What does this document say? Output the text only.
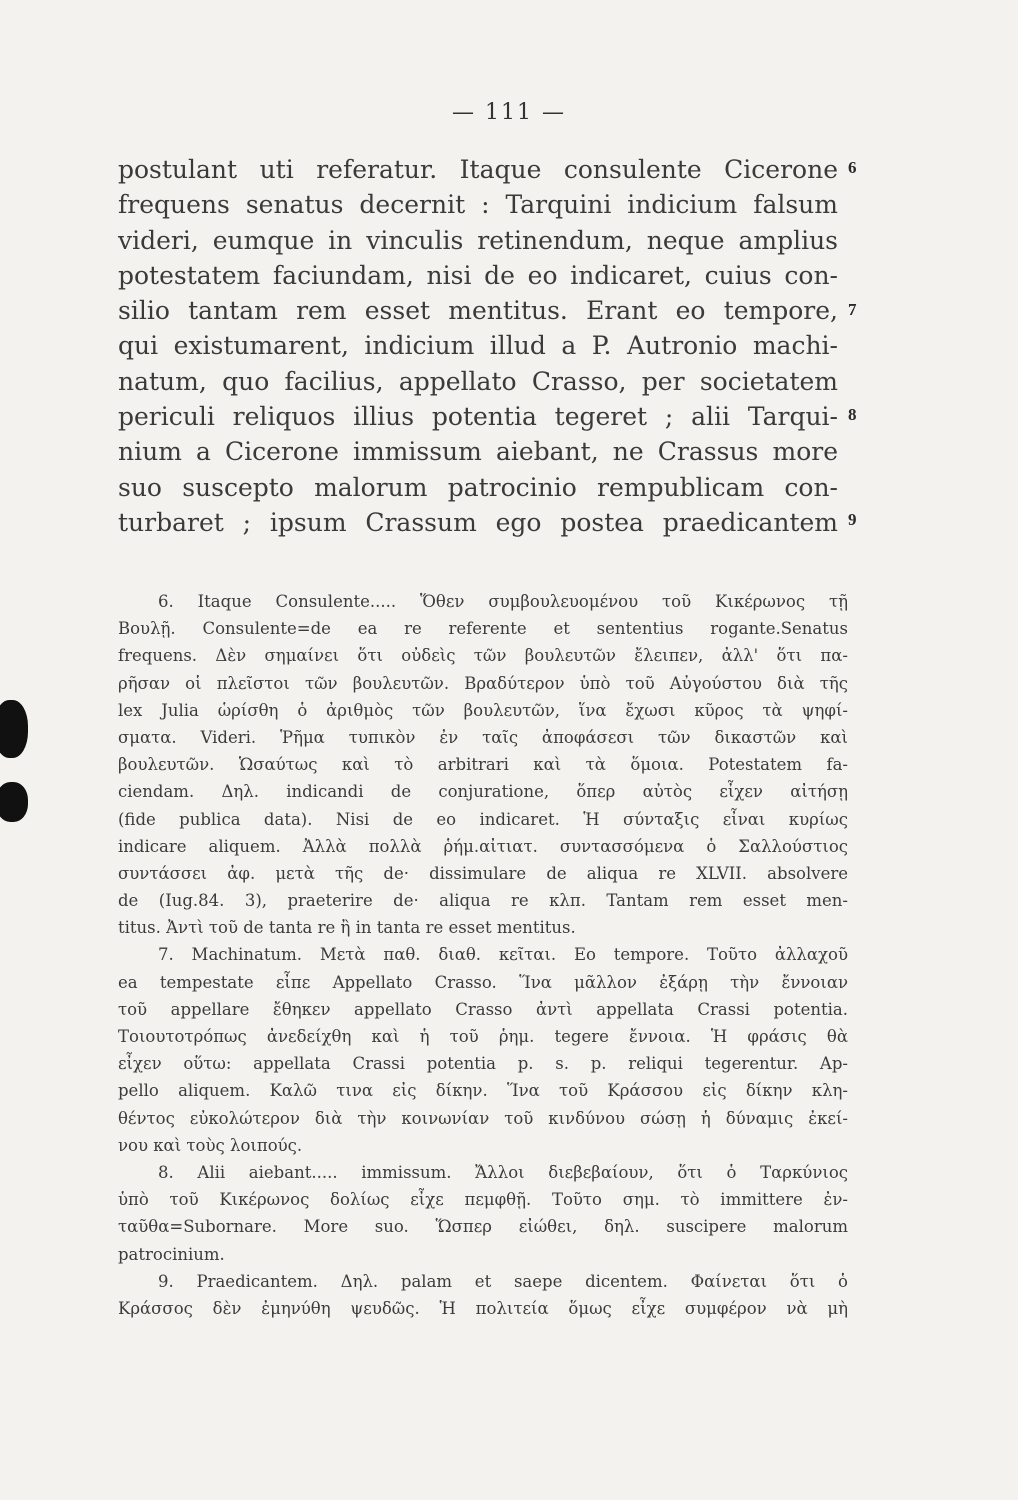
— 111 —
postulant uti referatur. Itaque consulente Cicerone
frequens senatus decernit : Tarquini indicium falsum
videri, eumque in vinculis retinendum, neque amplius
potestatem faciundam, nisi de eo indicaret, cuius con-
silio tantam rem esset mentitus. Erant eo tempore,
qui existumarent, indicium illud a P. Autronio machi-
natum, quo facilius, appellato Crasso, per societatem
periculi reliquos illius potentia tegeret ; alii Tarqui-
nium a Cicerone immissum aiebant, ne Crassus more
suo suscepto malorum patrocinio rempublicam con-
turbaret ; ipsum Crassum ego postea praedicantem
6
7
8
9
6. Itaque Consulente..... Ὅθεν συμβουλευομένου τοῦ Κικέρωνος τῇ
Βουλῇ. Consulente=de ea re referente et sententius rogante.Senatus
frequens. Δὲν σημαίνει ὅτι οὐδεὶς τῶν βουλευτῶν ἔλειπεν, ἀλλ' ὅτι πα-
ρῆσαν οἱ πλεῖστοι τῶν βουλευτῶν. Βραδύτερον ὑπὸ τοῦ Αὐγούστου διὰ τῆς
lex Julia ὡρίσθη ὁ ἀριθμὸς τῶν βουλευτῶν, ἵνα ἔχωσι κῦρος τὰ ψηφί-
σματα. Videri. Ῥῆμα τυπικὸν ἐν ταῖς ἀποφάσεσι τῶν δικαστῶν καὶ
βουλευτῶν. Ὡσαύτως καὶ τὸ arbitrari καὶ τὰ ὅμοια. Potestatem fa-
ciendam. Δηλ. indicandi de conjuratione, ὅπερ αὐτὸς εἶχεν αἰτήσῃ
(fide publica data). Nisi de eo indicaret. Ἡ σύνταξις εἶναι κυρίως
indicare aliquem. Ἀλλὰ πολλὰ ῥήμ.αἰτιατ. συντασσόμενα ὁ Σαλλούστιος
συντάσσει ἀφ. μετὰ τῆς de· dissimulare de aliqua re XLVII. absolvere
de (Iug.84. 3), praeterire de· aliqua re κλπ. Tantam rem esset men-
titus. Ἀντὶ τοῦ de tanta re ἢ in tanta re esset mentitus.
7. Machinatum. Μετὰ παθ. διαθ. κεῖται. Eo tempore. Τοῦτο ἀλλαχοῦ
ea tempestate εἶπε Appellato Crasso. Ἵνα μᾶλλον ἐξάρῃ τὴν ἔννοιαν
τοῦ appellare ἔθηκεν appellato Crasso ἀντὶ appellata Crassi potentia.
Τοιουτοτρόπως ἀνεδείχθη καὶ ἡ τοῦ ῥημ. tegere ἔννοια. Ἡ φράσις θὰ
εἶχεν οὕτω: appellata Crassi potentia p. s. p. reliqui tegerentur. Ap-
pello aliquem. Καλῶ τινα εἰς δίκην. Ἵνα τοῦ Κράσσου εἰς δίκην κλη-
θέντος εὐκολώτερον διὰ τὴν κοινωνίαν τοῦ κινδύνου σώσῃ ἡ δύναμις ἐκεί-
νου καὶ τοὺς λοιπούς.
8. Alii aiebant..... immissum. Ἄλλοι διεβεβαίουν, ὅτι ὁ Ταρκύνιος
ὑπὸ τοῦ Κικέρωνος δολίως εἶχε πεμφθῇ. Τοῦτο σημ. τὸ immittere ἐν-
ταῦθα=Subornare. More suo. Ὥσπερ εἰώθει, δηλ. suscipere malorum
patrocinium.
9. Praedicantem. Δηλ. palam et saepe dicentem. Φαίνεται ὅτι ὁ
Κράσσος δὲν ἐμηνύθη ψευδῶς. Ἡ πολιτεία ὅμως εἶχε συμφέρον νὰ μὴ
